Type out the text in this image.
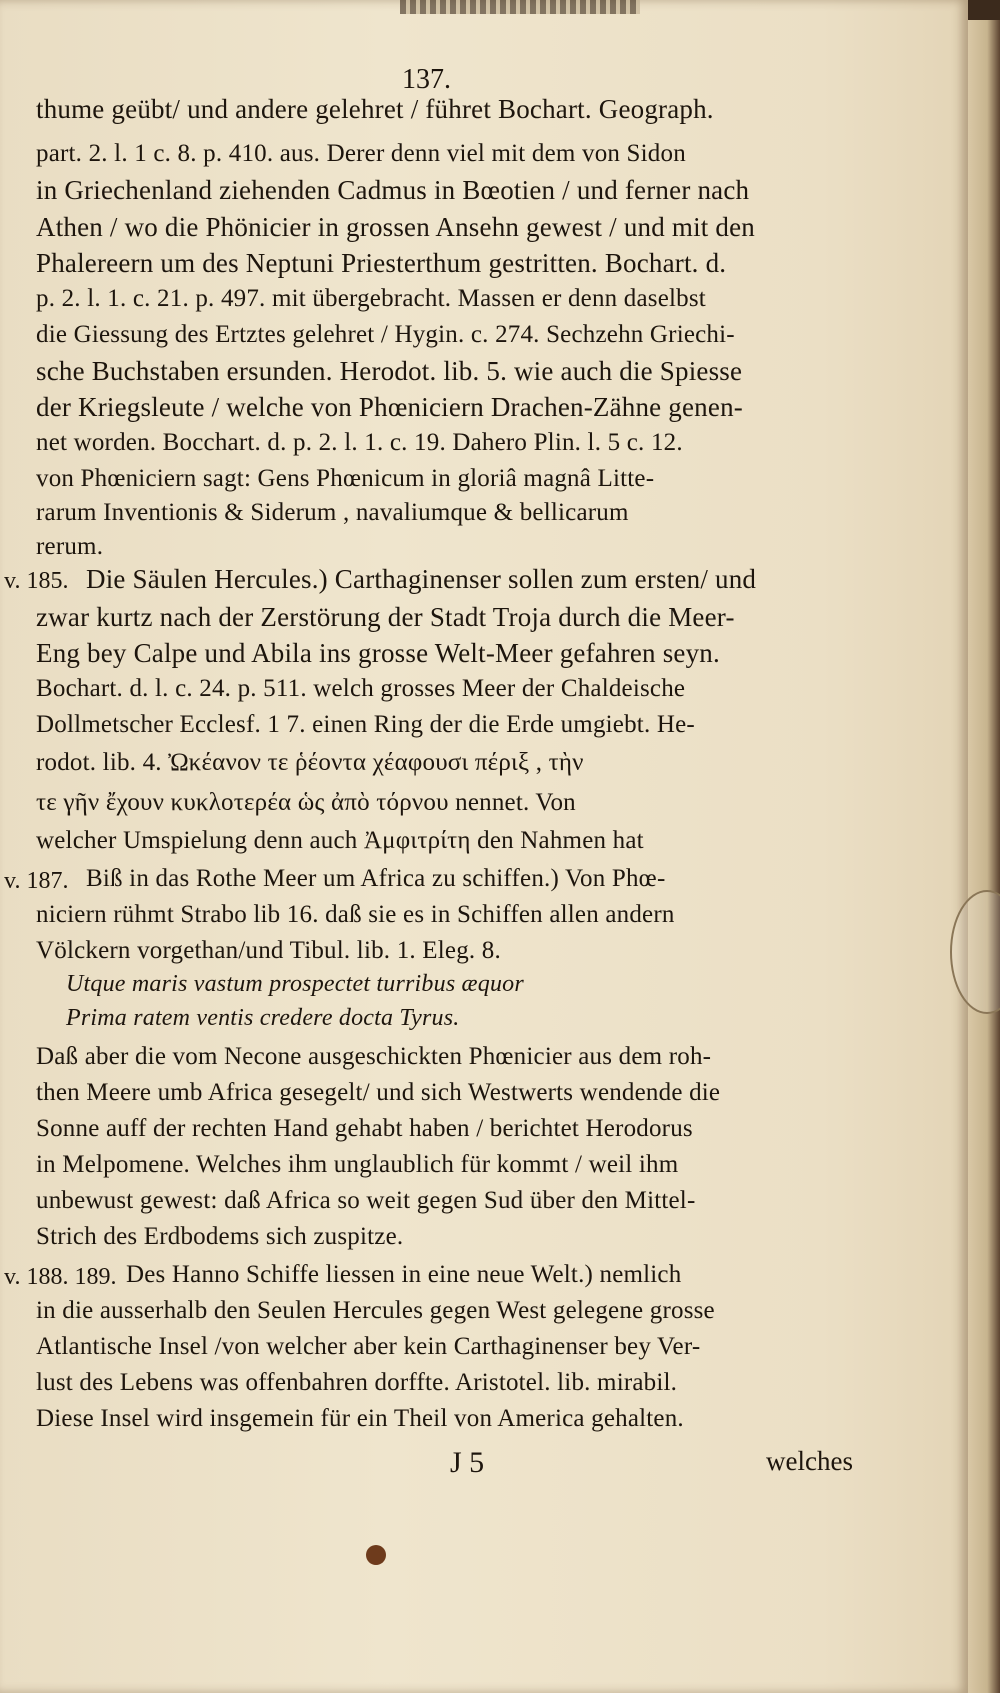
137.
thume geübt/ und andere gelehret / führet Bochart. Geograph.
part. 2. l. 1 c. 8. p. 410. aus. Derer denn viel mit dem von Sidon
in Griechenland ziehenden Cadmus in Bœotien / und ferner nach
Athen / wo die Phönicier in grossen Ansehn gewest / und mit den
Phalereern um des Neptuni Priesterthum gestritten. Bochart. d.
p. 2. l. 1. c. 21. p. 497. mit übergebracht. Massen er denn daselbst
die Giessung des Ertztes gelehret / Hygin. c. 274. Sechzehn Griechi-
sche Buchstaben ersunden. Herodot. lib. 5. wie auch die Spiesse
der Kriegsleute / welche von Phœniciern Drachen-Zähne genen-
net worden. Bocchart. d. p. 2. l. 1. c. 19. Dahero Plin. l. 5 c. 12.
von Phœniciern sagt: Gens Phœnicum in gloriâ magnâ Litte-
rarum Inventionis & Siderum , navaliumque & bellicarum
rerum.
v. 185. Die Säulen Hercules.) Carthaginenser sollen zum ersten/ und
zwar kurtz nach der Zerstörung der Stadt Troja durch die Meer-
Eng bey Calpe und Abila ins grosse Welt-Meer gefahren seyn.
Bochart. d. l. c. 24. p. 511. welch grosses Meer der Chaldeische
Dollmetscher Ecclesf. 1 7. einen Ring der die Erde umgiebt. He-
rodot. lib. 4. Ὠκέανον τε ῥέοντα χέαφουσι πέριξ , τὴν
τε γῆν ἔχουν κυκλοτερέα ὡς ἀπὸ τόρνου nennet. Von
welcher Umspielung denn auch Ἀμφιτρίτη den Nahmen hat
v. 187. Biß in das Rothe Meer um Africa zu schiffen.) Von Phœ-
niciern rühmt Strabo lib 16. daß sie es in Schiffen allen andern
Völckern vorgethan/und Tibul. lib. 1. Eleg. 8.
Utque maris vastum prospectet turribus æquor
Prima ratem ventis credere docta Tyrus.
Daß aber die vom Necone ausgeschickten Phœnicier aus dem roh-
then Meere umb Africa gesegelt/ und sich Westwerts wendende die
Sonne auff der rechten Hand gehabt haben / berichtet Herodorus
in Melpomene. Welches ihm unglaublich für kommt / weil ihm
unbewust gewest: daß Africa so weit gegen Sud über den Mittel-
Strich des Erdbodems sich zuspitze.
v. 188. 189. Des Hanno Schiffe liessen in eine neue Welt.) nemlich
in die ausserhalb den Seulen Hercules gegen West gelegene grosse
Atlantische Insel /von welcher aber kein Carthaginenser bey Ver-
lust des Lebens was offenbahren dorffte. Aristotel. lib. mirabil.
Diese Insel wird insgemein für ein Theil von America gehalten.
J 5	welches
